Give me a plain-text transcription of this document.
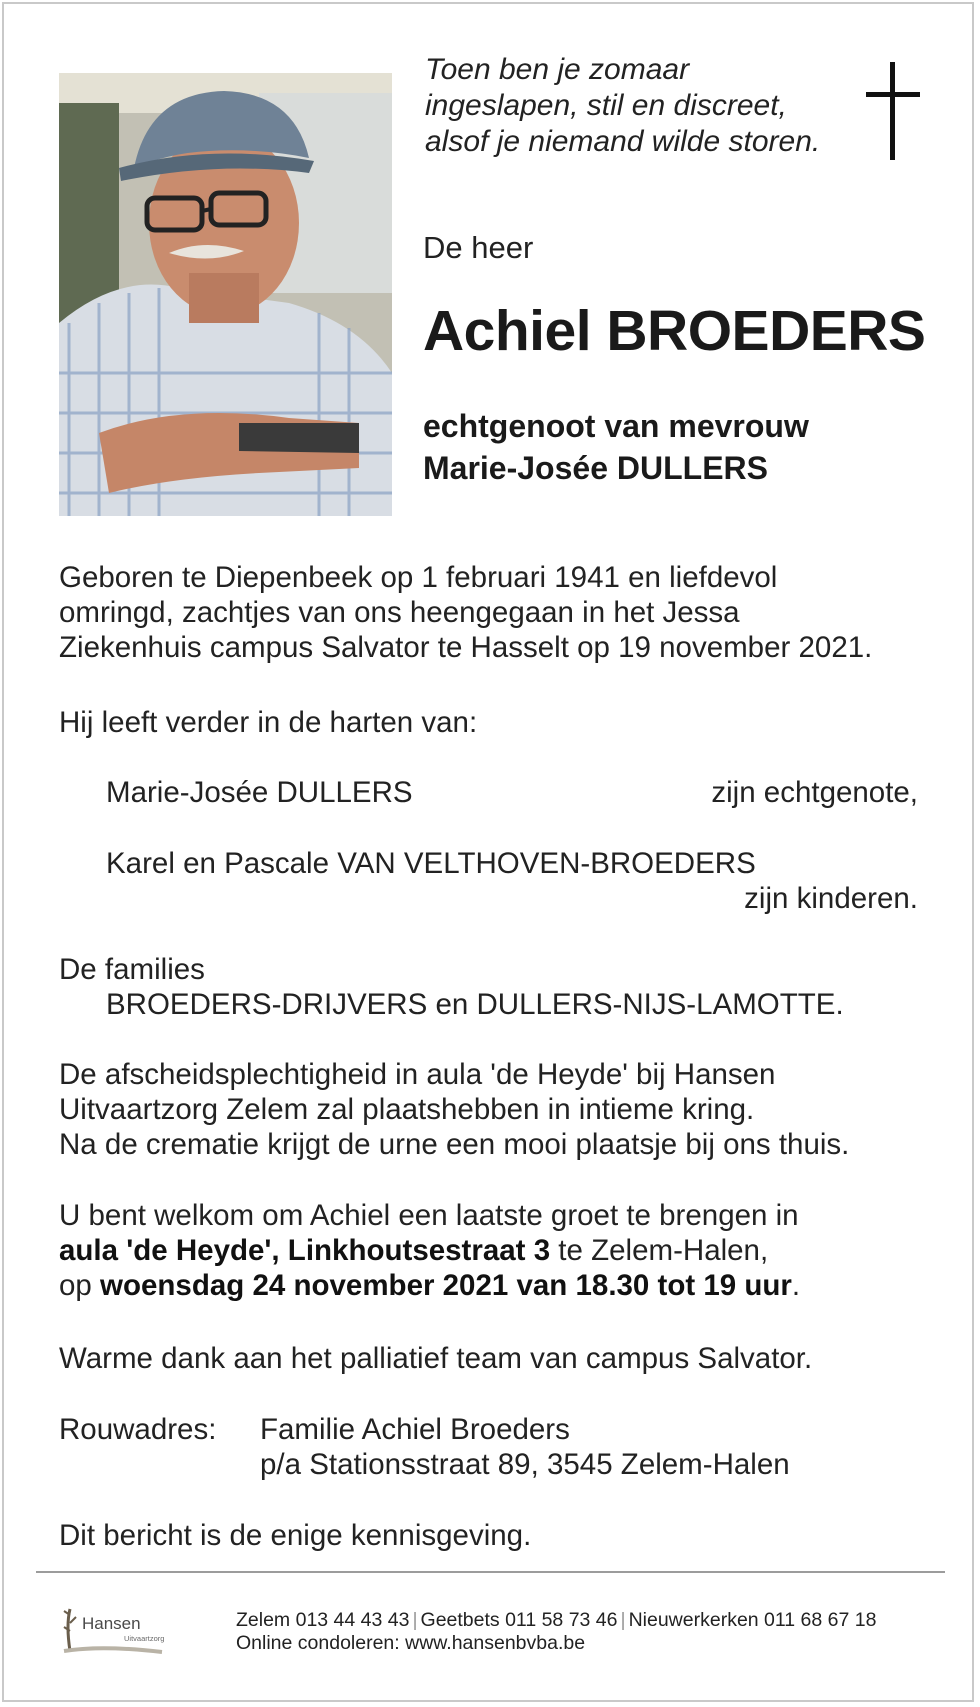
Toen ben je zomaar
ingeslapen, stil en discreet,
alsof je niemand wilde storen.
De heer
Achiel BROEDERS
echtgenoot van mevrouw
Marie-Josée DULLERS
Geboren te Diepenbeek op 1 februari 1941 en liefdevol
omringd, zachtjes van ons heengegaan in het Jessa
Ziekenhuis campus Salvator te Hasselt op 19 november 2021.
Hij leeft verder in de harten van:
Marie-Josée DULLERS	zijn echtgenote,
Karel en Pascale VAN VELTHOVEN-BROEDERS
zijn kinderen.
De families
BROEDERS-DRIJVERS en DULLERS-NIJS-LAMOTTE.
De afscheidsplechtigheid in aula 'de Heyde' bij Hansen
Uitvaartzorg Zelem zal plaatshebben in intieme kring.
Na de crematie krijgt de urne een mooi plaatsje bij ons thuis.
U bent welkom om Achiel een laatste groet te brengen in
aula 'de Heyde', Linkhoutsestraat 3 te Zelem-Halen,
op woensdag 24 november 2021 van 18.30 tot 19 uur.
Warme dank aan het palliatief team van campus Salvator.
Rouwadres: Familie Achiel Broeders
p/a Stationsstraat 89, 3545 Zelem-Halen
Dit bericht is de enige kennisgeving.
Hansen
Uitvaartzorg
Zelem 013 44 43 43 | Geetbets 011 58 73 46 | Nieuwerkerken 011 68 67 18
Online condoleren: www.hansenbvba.be
